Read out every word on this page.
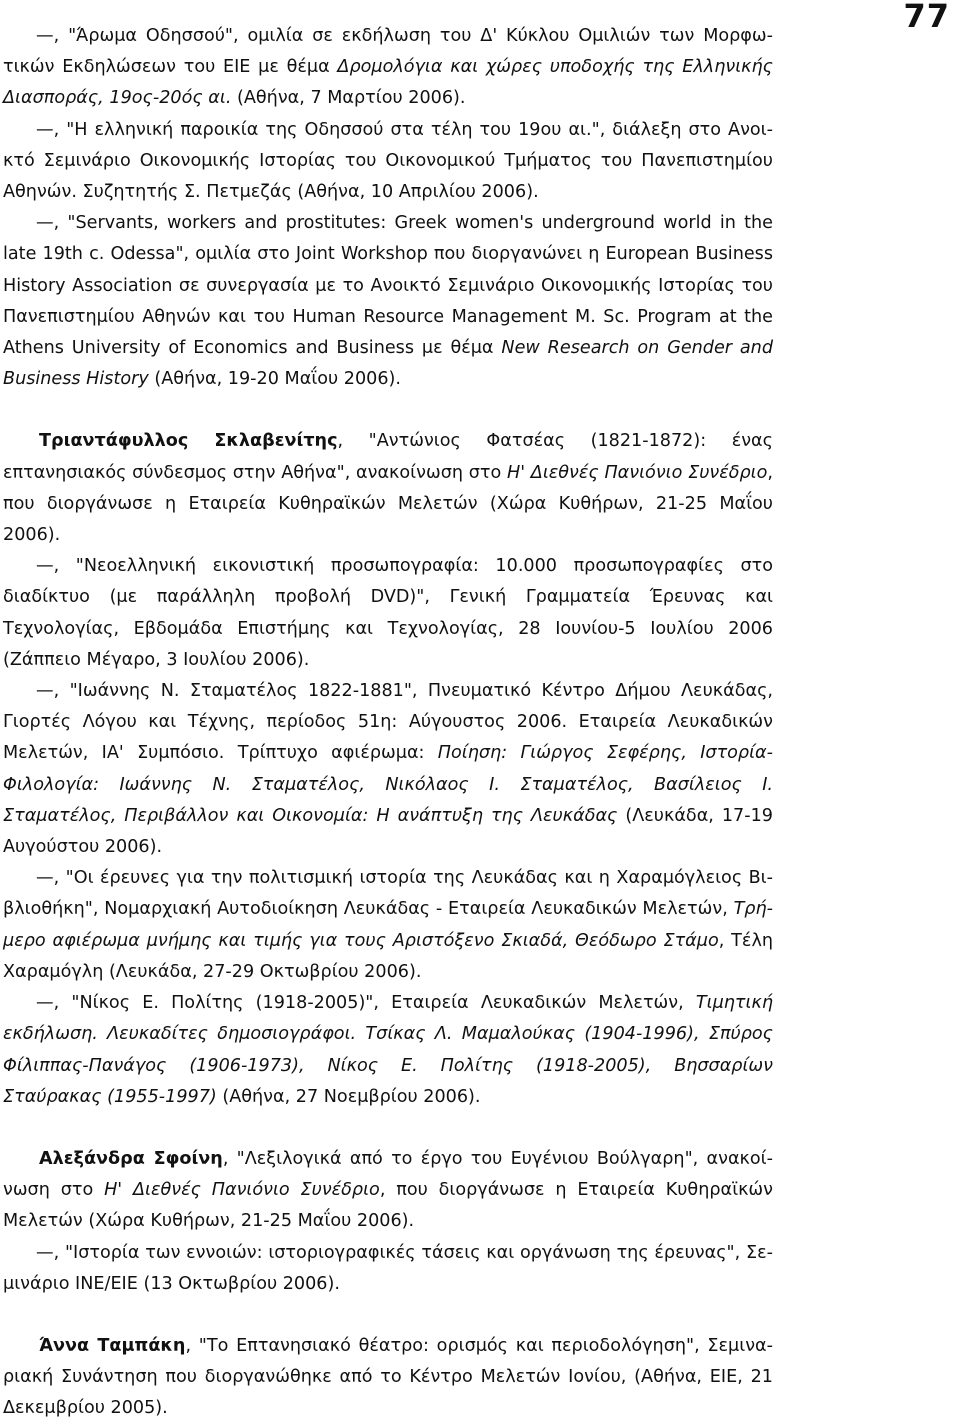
77

—, "Άρωμα Οδησσού", ομιλία σε εκδήλωση του Δ' Κύκλου Ομιλιών των Μορφωτικών Εκδηλώσεων του ΕΙΕ με θέμα Δρομολόγια και χώρες υποδοχής της Ελληνικής Διασποράς, 19ος-20ός αι. (Αθήνα, 7 Μαρτίου 2006).

—, "Η ελληνική παροικία της Οδησσού στα τέλη του 19ου αι.", διάλεξη στο Ανοικτό Σεμινάριο Οικονομικής Ιστορίας του Οικονομικού Τμήματος του Πανεπιστημίου Αθηνών. Συζητητής Σ. Πετμεζάς (Αθήνα, 10 Απριλίου 2006).

—, "Servants, workers and prostitutes: Greek women's underground world in the late 19th c. Odessa", ομιλία στο Joint Workshop που διοργανώνει η European Business History Association σε συνεργασία με το Ανοικτό Σεμινάριο Οικονομικής Ιστορίας του Πανεπιστημίου Αθηνών και του Human Resource Management M. Sc. Program at the Athens University of Economics and Business με θέμα New Research on Gender and Business History (Αθήνα, 19-20 Μαΐου 2006).

Τριαντάφυλλος Σκλαβενίτης, "Αντώνιος Φατσέας (1821-1872): ένας επτανησιακός σύνδεσμος στην Αθήνα", ανακοίνωση στο Η' Διεθνές Πανιόνιο Συνέδριο, που διοργάνωσε η Εταιρεία Κυθηραϊκών Μελετών (Χώρα Κυθήρων, 21-25 Μαΐου 2006).

—, "Νεοελληνική εικονιστική προσωπογραφία: 10.000 προσωπογραφίες στο διαδίκτυο (με παράλληλη προβολή DVD)", Γενική Γραμματεία Έρευνας και Τεχνολογίας, Εβδομάδα Επιστήμης και Τεχνολογίας, 28 Ιουνίου-5 Ιουλίου 2006 (Ζάππειο Μέγαρο, 3 Ιουλίου 2006).

—, "Ιωάννης Ν. Σταματέλος 1822-1881", Πνευματικό Κέντρο Δήμου Λευκάδας, Γιορτές Λόγου και Τέχνης, περίοδος 51η: Αύγουστος 2006. Εταιρεία Λευκαδικών Μελετών, ΙΑ' Συμπόσιο. Τρίπτυχο αφιέρωμα: Ποίηση: Γιώργος Σεφέρης, Ιστορία-Φιλολογία: Ιωάννης Ν. Σταματέλος, Νικόλαος Ι. Σταματέλος, Βασίλειος Ι. Σταματέλος, Περιβάλλον και Οικονομία: Η ανάπτυξη της Λευκάδας (Λευκάδα, 17-19 Αυγούστου 2006).

—, "Οι έρευνες για την πολιτισμική ιστορία της Λευκάδας και η Χαραμόγλειος Βιβλιοθήκη", Νομαρχιακή Αυτοδιοίκηση Λευκάδας - Εταιρεία Λευκαδικών Μελετών, Τρήμερο αφιέρωμα μνήμης και τιμής για τους Αριστόξενο Σκιαδά, Θεόδωρο Στάμο, Τέλη Χαραμόγλη (Λευκάδα, 27-29 Οκτωβρίου 2006).

—, "Νίκος Ε. Πολίτης (1918-2005)", Εταιρεία Λευκαδικών Μελετών, Τιμητική εκδήλωση. Λευκαδίτες δημοσιογράφοι. Τσίκας Λ. Μαμαλούκας (1904-1996), Σπύρος Φίλιππας-Πανάγος (1906-1973), Νίκος Ε. Πολίτης (1918-2005), Βησσαρίων Σταύρακας (1955-1997) (Αθήνα, 27 Νοεμβρίου 2006).

Αλεξάνδρα Σφοίνη, "Λεξιλογικά από το έργο του Ευγένιου Βούλγαρη", ανακοίνωση στο Η' Διεθνές Πανιόνιο Συνέδριο, που διοργάνωσε η Εταιρεία Κυθηραϊκών Μελετών (Χώρα Κυθήρων, 21-25 Μαΐου 2006).

—, "Ιστορία των εννοιών: ιστοριογραφικές τάσεις και οργάνωση της έρευνας", Σεμινάριο ΙΝΕ/ΕΙΕ (13 Οκτωβρίου 2006).

Άννα Ταμπάκη, "Το Επτανησιακό θέατρο: ορισμός και περιοδολόγηση", Σεμιναριακή Συνάντηση που διοργανώθηκε από το Κέντρο Μελετών Ιονίου, (Αθήνα, ΕΙΕ, 21 Δεκεμβρίου 2005).
